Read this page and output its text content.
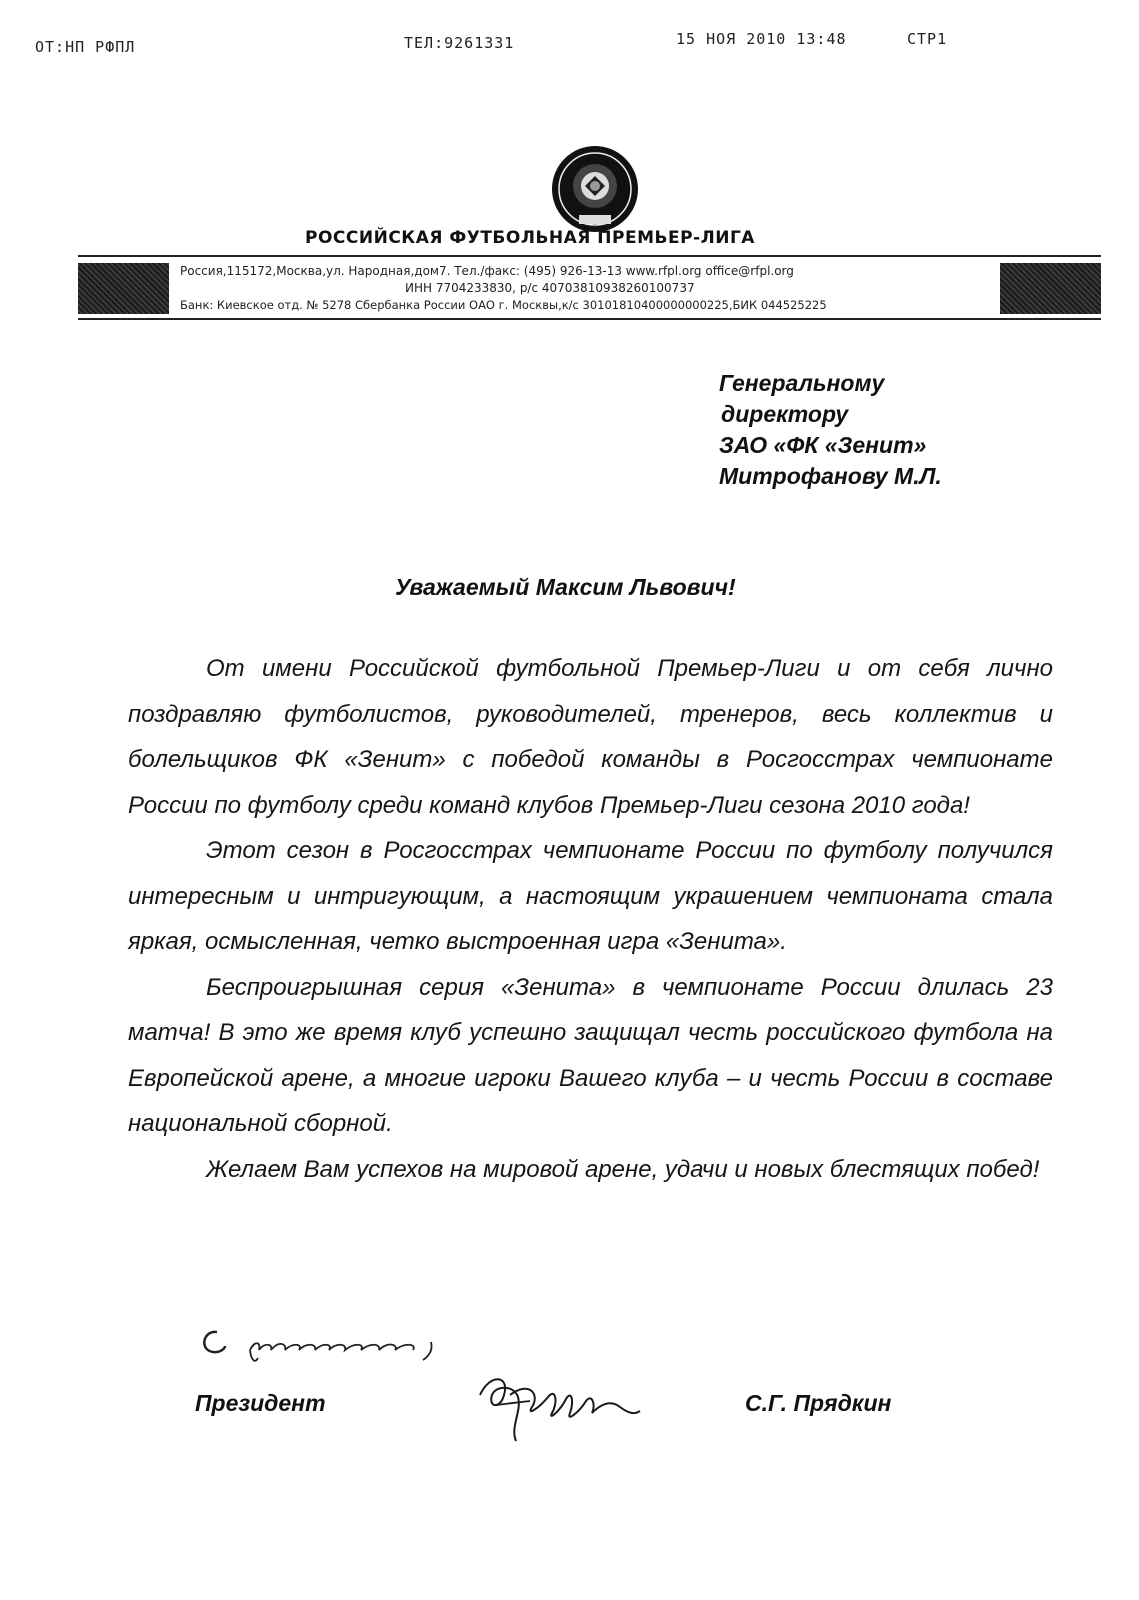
ОТ:НП РФПЛ	ТЕЛ:9261331	15 НОЯ 2010 13:48	СТР1
РОССИЙСКАЯ ФУТБОЛЬНАЯ ПРЕМЬЕР-ЛИГА
Россия,115172,Москва,ул. Народная,дом7. Тел./факс: (495) 926-13-13 www.rfpl.org office@rfpl.org
ИНН 7704233830, р/с 40703810938260100737
Банк: Киевское отд. № 5278 Сбербанка России ОАО г. Москвы,к/с 30101810400000000225,БИК 044525225
Генеральному
директору
ЗАО «ФК «Зенит»
Митрофанову М.Л.
Уважаемый Максим Львович!

От имени Российской футбольной Премьер-Лиги и от себя лично поздравляю футболистов, руководителей, тренеров, весь коллектив и болельщиков ФК «Зенит» с победой команды в Росгосстрах чемпионате России по футболу среди команд клубов Премьер-Лиги сезона 2010 года!

Этот сезон в Росгосстрах чемпионате России по футболу получился интересным и интригующим, а настоящим украшением чемпионата стала яркая, осмысленная, четко выстроенная игра «Зенита».

Беспроигрышная серия «Зенита» в чемпионате России длилась 23 матча! В это же время клуб успешно защищал честь российского футбола на Европейской арене, а многие игроки Вашего клуба – и честь России в составе национальной сборной.

Желаем Вам успехов на мировой арене, удачи и новых блестящих побед!

Президент	С.Г. Прядкин
